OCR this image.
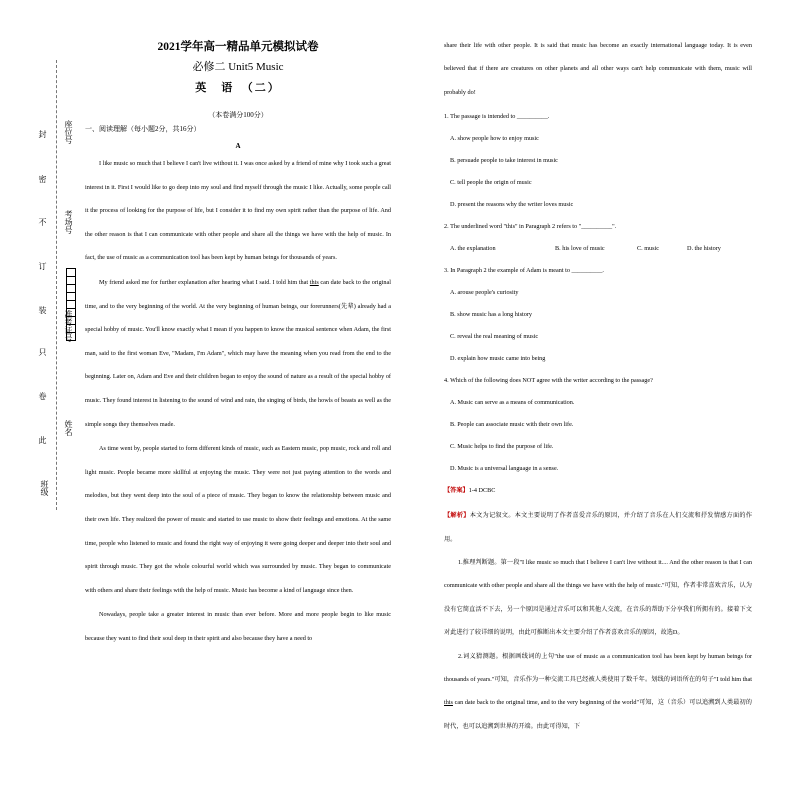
封
密
不
订
装
只
卷
此
座位号
考场号
准考证号
姓名
班级
2021学年高一精品单元模拟试卷
必修二 Unit5 Music
英　语　（二）
（本卷满分100分）
一、阅读理解（每小题2分，共16分）
A

I like music so much that I believe I can't live without it. I was once asked by a friend of mine why I took such a great interest in it. First I would like to go deep into my soul and find myself through the music I like. Actually, some people call it the process of looking for the purpose of life, but I consider it to find my own spirit rather than the purpose of life. And the other reason is that I can communicate with other people and share all the things we have with the help of music. In fact, the use of music as a communication tool has been kept by human beings for thousands of years.

My friend asked me for further explanation after hearing what I said. I told him that this can date back to the original time, and to the very beginning of the world. At the very beginning of human beings, our forerunners(先辈) already had a special hobby of music. You'll know exactly what I mean if you happen to know the musical sentence when Adam, the first man, said to the first woman Eve, "Madam, I'm Adam", which may have the meaning when you read from the end to the beginning. Later on, Adam and Eve and their children began to enjoy the sound of nature as a result of the special hobby of music. They found interest in listening to the sound of wind and rain, the singing of birds, the howls of beasts as well as the simple songs they themselves made.

As time went by, people started to form different kinds of music, such as Eastern music, pop music, rock and roll and light music. People became more skillful at enjoying the music. They were not just paying attention to the words and melodies, but they went deep into the soul of a piece of music. They began to know the relationship between music and their own life. They realized the power of music and started to use music to show their feelings and emotions. At the same time, people who listened to music and found the right way of enjoying it were going deeper and deeper into their soul and spirit through music. They got the whole colourful world which was surrounded by music. They began to communicate with others and share their feelings with the help of music. Music has become a kind of language since then.

Nowadays, people take a greater interest in music than ever before. More and more people begin to like music because they want to find their soul deep in their spirit and also because they have a need to

share their life with other people. It is said that music has become an exactly international language today. It is even believed that if there are creatures on other planets and all other ways can't help communicate with them, music will probably do!

1. The passage is intended to __________.
A. show people how to enjoy music
B. persuade people to take interest in music
C. tell people the origin of music
D. present the reasons why the writer loves music
2. The underlined word "this" in Paragraph 2 refers to "__________".
A. the explanation	B. his love of music	C. music	D. the history
3. In Paragraph 2 the example of Adam is meant to __________.
A. arouse people's curiosity
B. show music has a long history
C. reveal the real meaning of music
D. explain how music came into being
4. Which of the following does NOT agree with the writer according to the passage?
A. Music can serve as a means of communication.
B. People can associate music with their own life.
C. Music helps to find the purpose of life.
D. Music is a universal language in a sense.
【答案】1-4 DCBC
【解析】本文为记叙文。本文主要说明了作者喜爱音乐的原因，并介绍了音乐在人们交流和抒发情感方面的作用。

1.推理判断题。第一段"I like music so much that I believe I can't live without it.... And the other reason is that I can communicate with other people and share all the things we have with the help of music."可知，作者非常喜欢音乐，认为没有它简直活不下去，另一个原因是通过音乐可以和其他人交流，在音乐的帮助下分享我们所拥有的。接着下文对此进行了较详细的说明，由此可推断出本文主要介绍了作者喜欢音乐的原因，故选D。

2.词义猜测题。根据画线词的上句"the use of music as a communication tool has been kept by human beings for thousands of years."可知，音乐作为一种交流工具已经被人类使用了数千年。划线的词语所在的句子"I told him that this can date back to the original time, and to the very beginning of the world"可知，这（音乐）可以追溯到人类最初的时代，也可以追溯到世界的开端。由此可得知，下
